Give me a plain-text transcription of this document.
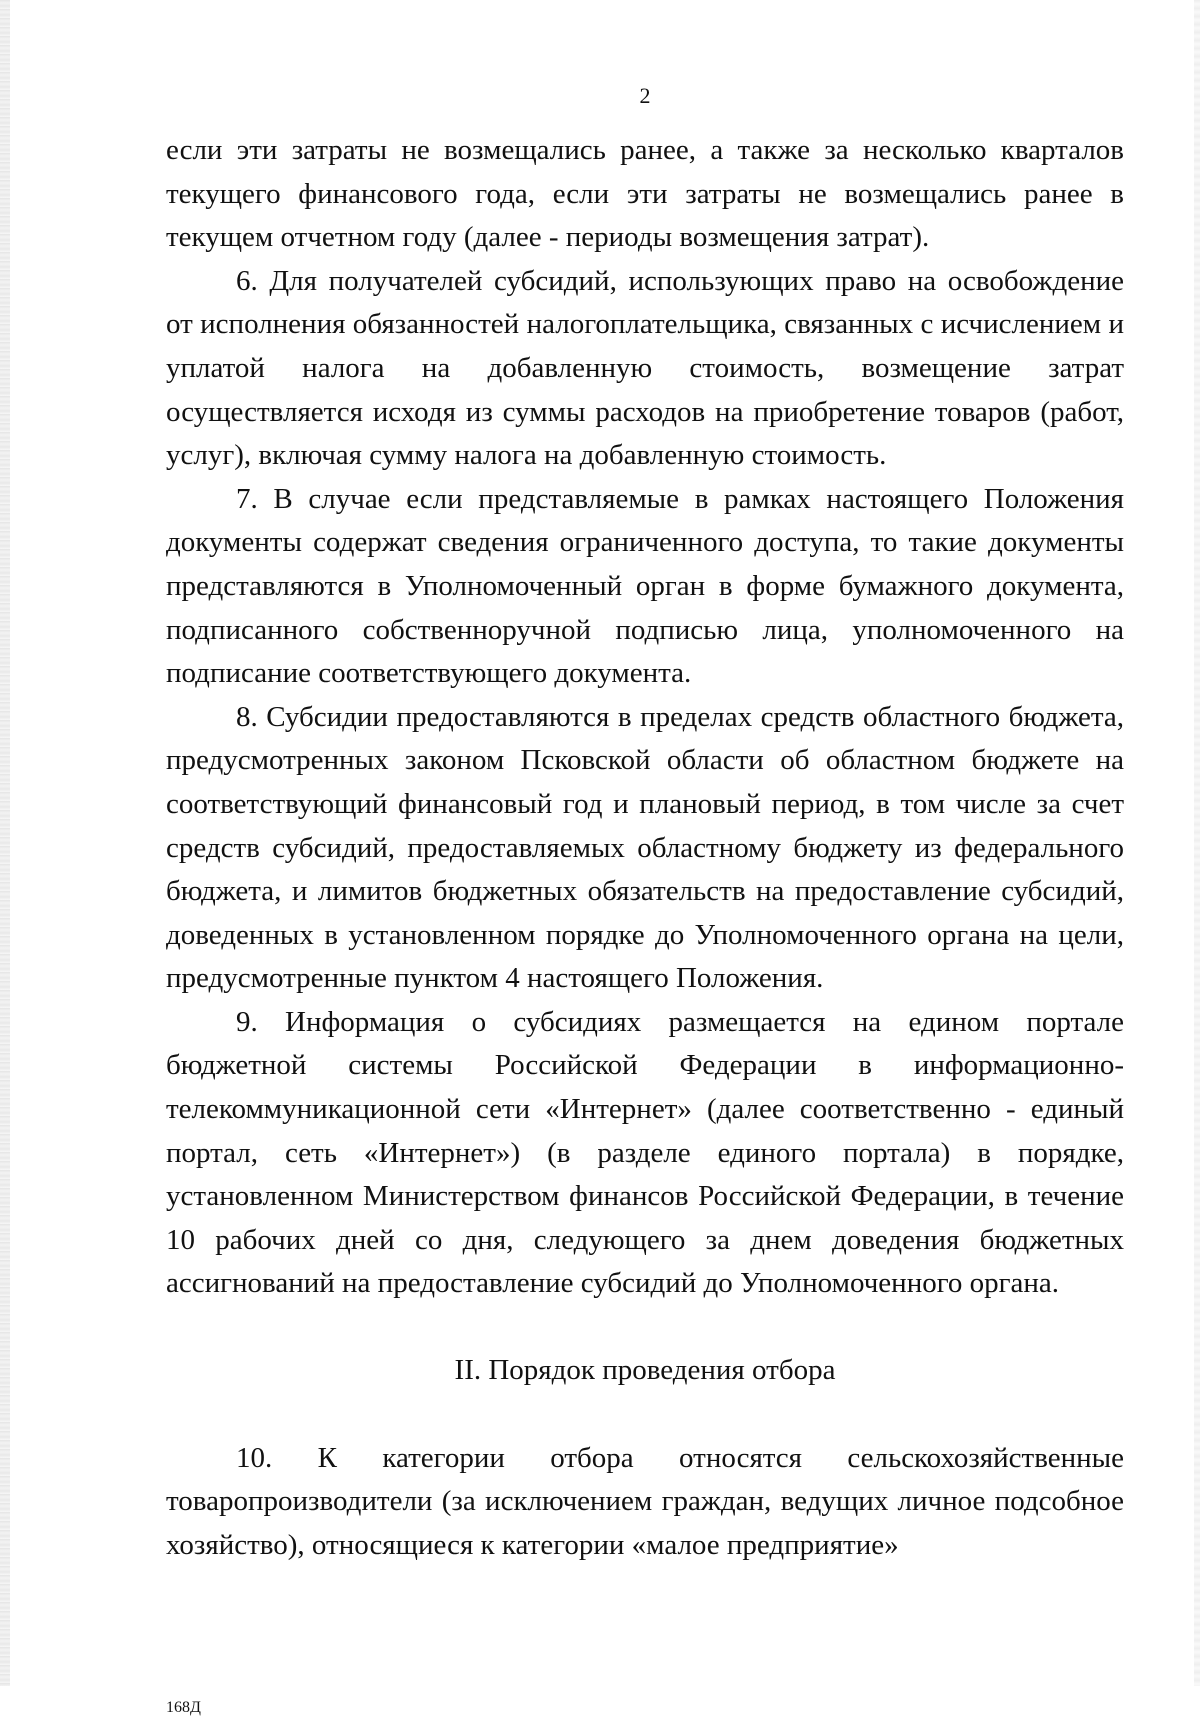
2

если эти затраты не возмещались ранее, а также за несколько кварталов текущего финансового года, если эти затраты не возмещались ранее в текущем отчетном году (далее - периоды возмещения затрат).

6. Для получателей субсидий, использующих право на освобождение от исполнения обязанностей налогоплательщика, связанных с исчислением и уплатой налога на добавленную стоимость, возмещение затрат осуществляется исходя из суммы расходов на приобретение товаров (работ, услуг), включая сумму налога на добавленную стоимость.

7. В случае если представляемые в рамках настоящего Положения документы содержат сведения ограниченного доступа, то такие документы представляются в Уполномоченный орган в форме бумажного документа, подписанного собственноручной подписью лица, уполномоченного на подписание соответствующего документа.

8. Субсидии предоставляются в пределах средств областного бюджета, предусмотренных законом Псковской области об областном бюджете на соответствующий финансовый год и плановый период, в том числе за счет средств субсидий, предоставляемых областному бюджету из федерального бюджета, и лимитов бюджетных обязательств на предоставление субсидий, доведенных в установленном порядке до Уполномоченного органа на цели, предусмотренные пунктом 4 настоящего Положения.

9. Информация о субсидиях размещается на едином портале бюджетной системы Российской Федерации в информационно-телекоммуникационной сети «Интернет» (далее соответственно - единый портал, сеть «Интернет») (в разделе единого портала) в порядке, установленном Министерством финансов Российской Федерации, в течение 10 рабочих дней со дня, следующего за днем доведения бюджетных ассигнований на предоставление субсидий до Уполномоченного органа.

II. Порядок проведения отбора

10. К категории отбора относятся сельскохозяйственные товаропроизводители (за исключением граждан, ведущих личное подсобное хозяйство), относящиеся к категории «малое предприятие»

168Д
